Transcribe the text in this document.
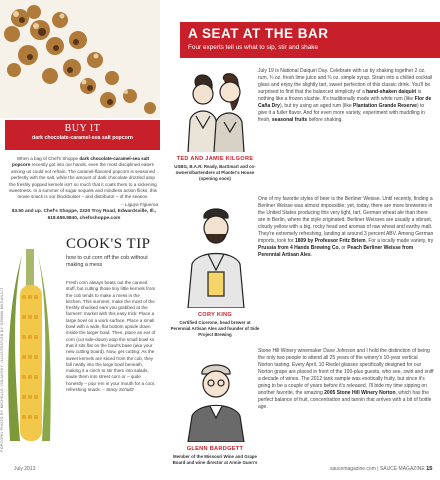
BUY IT
dark chocolate-caramel-sea salt popcorn
When a bag of Chef's Shoppe dark chocolate-caramel-sea salt popcorn recently got into our hands, even the most disciplined eaters among us could not refrain. The caramel-flavored popcorn is seasoned perfectly with the salt, while the amount of dark chocolate drizzled atop the freshly popped kernels isn't so much that it coats them to a sickening sweetness. In a summer of sugar sequels and mindless action flicks, this movie snack is our blockbuster – and distributor – of the season.
– Liguya Figueroa
$3.50 and up. Chef's Shoppe, 2320 Troy Road, Edwardsville, Ill., 618.659.9840, chefsshoppe.com
POPCORN PHOTO BY MICHELLE VOLANSKY; ILLUSTRATION BY GEMMA MAGANAJT
COOK'S TIP
how to cut corn off the cob without making a mess
Fresh corn always beats out the canned stuff, but cutting those tiny little kernels from the cob tends to make a mess in the kitchen. This summer, make the most of the freshly shucked ears you grabbed at the farmers' market with this easy trick: Place a large bowl on a work surface. Place a small bowl with a wide, flat bottom upside down inside the larger bowl. Then, place an ear of corn (cut side-down) atop the small bowl so that it sits flat on the bowl's base (aka your new cutting board). Now, get cutting: As the sweet kernels are sliced from the cob, they fall neatly into the large bowl beneath, making it a cinch to stir them into salads, saute them into street corn or – quite honestly – pop 'em in your mouth for a cool, refreshing snack. – Stacy Schultz
July 2013
A SEAT AT THE BAR
Four experts tell us what to sip, stir and shake
TED AND JAMIE KILGORE
USBG, B.A.R. Ready, BarSmart and co-owners/bartenders at Planter's House (opening soon)
CORY KING
Certified Cicerone, head brewer at Perennial Artisan Ales and founder of Side Project Brewing
GLENN BARDGETT
Member of the Missouri Wine and Grape Board and wine director at Annie Gunn's
July 19 is National Daiquiri Day. Celebrate with us by shaking together 2 oz. rum, ¾ oz. fresh lime juice and ¾ oz. simple syrup. Strain into a chilled cocktail glass and enjoy the slightly tart, sweet perfection of this classic drink. You'll be surprised to find that the balanced simplicity of a hand-shaken daiquiri is nothing like a frozen slushie. It's traditionally made with white rum (like Flor de Caña Dry), but try using an aged rum (like Plantation Grande Reserve) to give it a fuller flavor. And for even more variety, experiment with muddling in fresh, seasonal fruits before shaking.
One of my favorite styles of beer is the Berliner Weisse. Until recently, finding a Berliner Weisse was almost impossible; yet, today, there are more breweries in the United States producing this very light, tart, German wheat ale than there are in Berlin, where the style originated. Berliner Weisses are usually a vibrant, cloudy yellow with a big, rocky head and aromas of raw wheat and earthy malt. They're extremely refreshing, landing at around 3 percent ABV. Among German imports, look for 1809 by Professor Fritz Briem. For a locally made variety, try Prussia from 4 Hands Brewing Co. or Peach Berliner Weisse from Perennial Artisan Ales.
Stone Hill Winery winemaker Dave Johnson and I hold the distinction of being the only two people to attend all 25 years of the winery's 10-year vertical Norton tasting. Every April, 10 Riedel glasses specifically designed for our Norton grape are placed in front of the 100-plus guests, who see, swirl and sniff a decade of wines. The 2012 tank sample was exotically fruity, but since it's going to be a couple of years before it's released, I'll bide my time sipping on another favorite, the amazing 2005 Stone Hill Winery Norton, which has the perfect balance of fruit, concentration and tannin that arrives with a bit of bottle age.
saucemagazine.com | SAUCE MAGAZINE 15
